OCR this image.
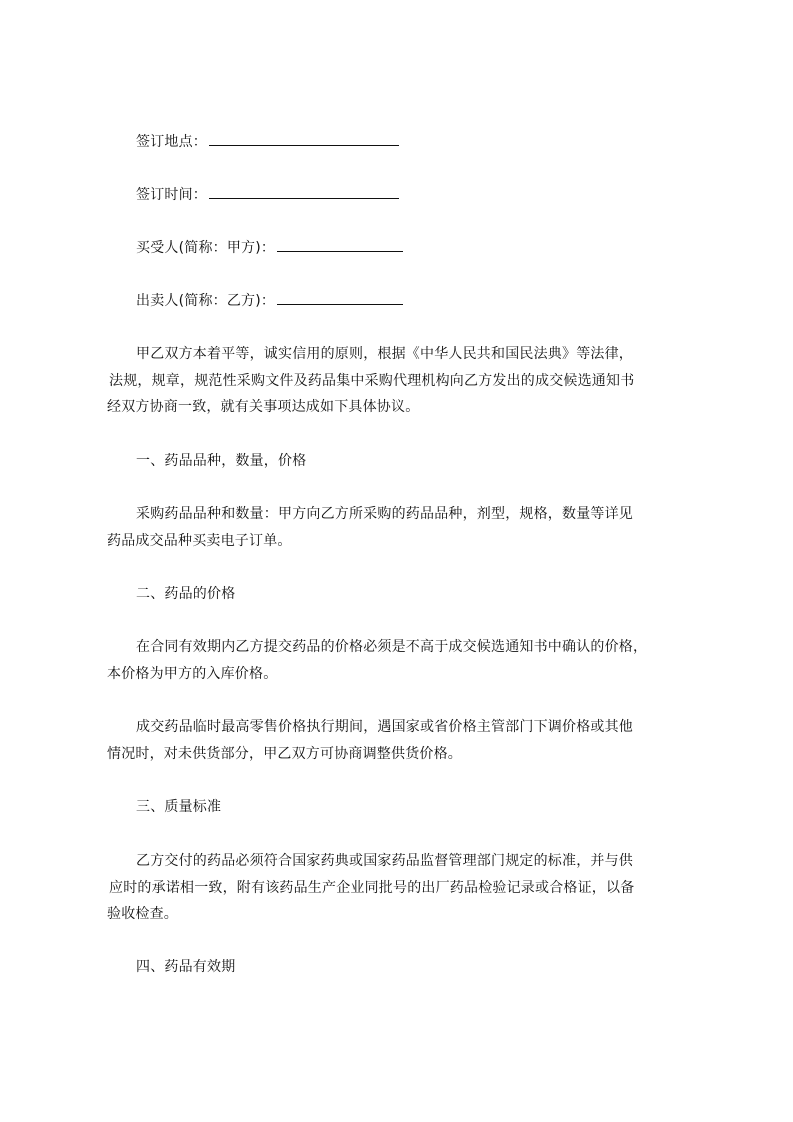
签订地点：
签订时间：
买受人(简称：甲方)：
出卖人(简称：乙方)：
甲乙双方本着平等，诚实信用的原则，根据《中华人民共和国民法典》等法律，
法规，规章，规范性采购文件及药品集中采购代理机构向乙方发出的成交候选通知书
经双方协商一致，就有关事项达成如下具体协议。
一、药品品种，数量，价格
采购药品品种和数量：甲方向乙方所采购的药品品种，剂型，规格，数量等详见
药品成交品种买卖电子订单。
二、药品的价格
在合同有效期内乙方提交药品的价格必须是不高于成交候选通知书中确认的价格，
本价格为甲方的入库价格。
成交药品临时最高零售价格执行期间，遇国家或省价格主管部门下调价格或其他
情况时，对未供货部分，甲乙双方可协商调整供货价格。
三、质量标准
乙方交付的药品必须符合国家药典或国家药品监督管理部门规定的标准，并与供
应时的承诺相一致，附有该药品生产企业同批号的出厂药品检验记录或合格证，以备
验收检查。
四、药品有效期
